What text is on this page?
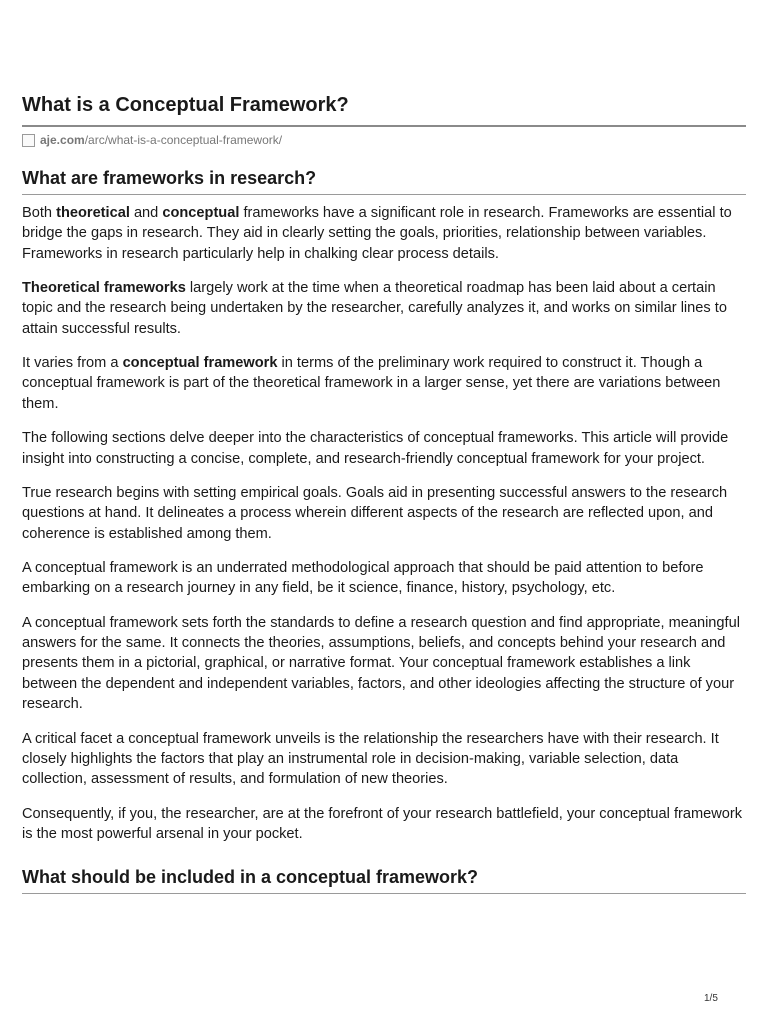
What is a Conceptual Framework?
aje.com /arc/what-is-a-conceptual-framework/
What are frameworks in research?

Both theoretical and conceptual frameworks have a significant role in research. Frameworks are essential to bridge the gaps in research. They aid in clearly setting the goals, priorities, relationship between variables. Frameworks in research particularly help in chalking clear process details.

Theoretical frameworks largely work at the time when a theoretical roadmap has been laid about a certain topic and the research being undertaken by the researcher, carefully analyzes it, and works on similar lines to attain successful results.

It varies from a conceptual framework in terms of the preliminary work required to construct it. Though a conceptual framework is part of the theoretical framework in a larger sense, yet there are variations between them.

The following sections delve deeper into the characteristics of conceptual frameworks. This article will provide insight into constructing a concise, complete, and research-friendly conceptual framework for your project.

True research begins with setting empirical goals. Goals aid in presenting successful answers to the research questions at hand. It delineates a process wherein different aspects of the research are reflected upon, and coherence is established among them.

A conceptual framework is an underrated methodological approach that should be paid attention to before embarking on a research journey in any field, be it science, finance, history, psychology, etc.

A conceptual framework sets forth the standards to define a research question and find appropriate, meaningful answers for the same. It connects the theories, assumptions, beliefs, and concepts behind your research and presents them in a pictorial, graphical, or narrative format. Your conceptual framework establishes a link between the dependent and independent variables, factors, and other ideologies affecting the structure of your research.

A critical facet a conceptual framework unveils is the relationship the researchers have with their research. It closely highlights the factors that play an instrumental role in decision-making, variable selection, data collection, assessment of results, and formulation of new theories.

Consequently, if you, the researcher, are at the forefront of your research battlefield, your conceptual framework is the most powerful arsenal in your pocket.

What should be included in a conceptual framework?
1/5
